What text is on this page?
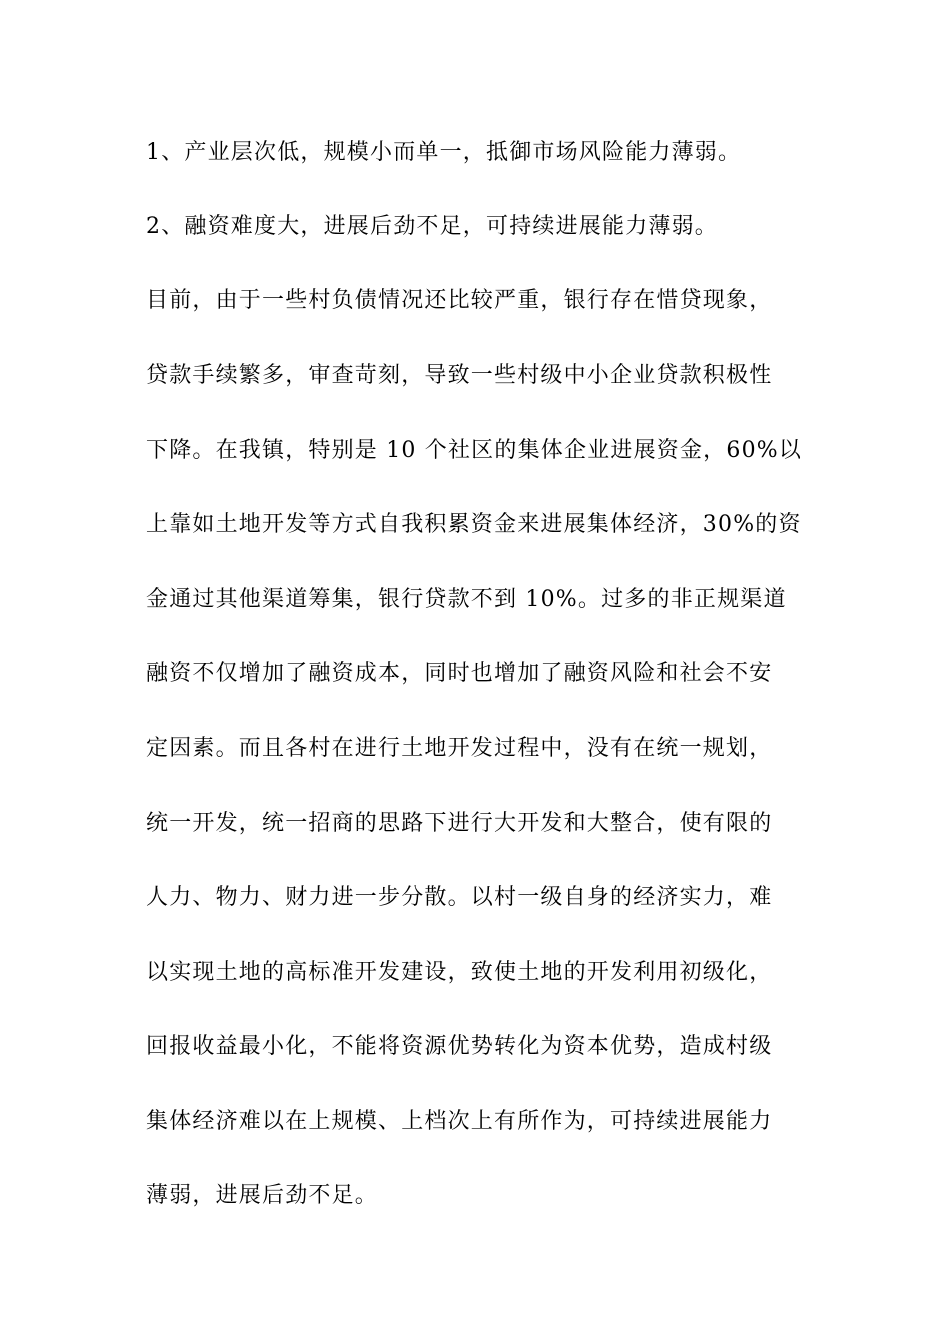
1、产业层次低，规模小而单一，抵御市场风险能力薄弱。
2、融资难度大，进展后劲不足，可持续进展能力薄弱。
目前，由于一些村负债情况还比较严重，银行存在惜贷现象，
贷款手续繁多，审查苛刻，导致一些村级中小企业贷款积极性
下降。在我镇，特别是 10 个社区的集体企业进展资金，60%以
上靠如土地开发等方式自我积累资金来进展集体经济，30%的资
金通过其他渠道筹集，银行贷款不到 10%。过多的非正规渠道
融资不仅增加了融资成本，同时也增加了融资风险和社会不安
定因素。而且各村在进行土地开发过程中，没有在统一规划，
统一开发，统一招商的思路下进行大开发和大整合，使有限的
人力、物力、财力进一步分散。以村一级自身的经济实力，难
以实现土地的高标准开发建设，致使土地的开发利用初级化，
回报收益最小化，不能将资源优势转化为资本优势，造成村级
集体经济难以在上规模、上档次上有所作为，可持续进展能力
薄弱，进展后劲不足。
